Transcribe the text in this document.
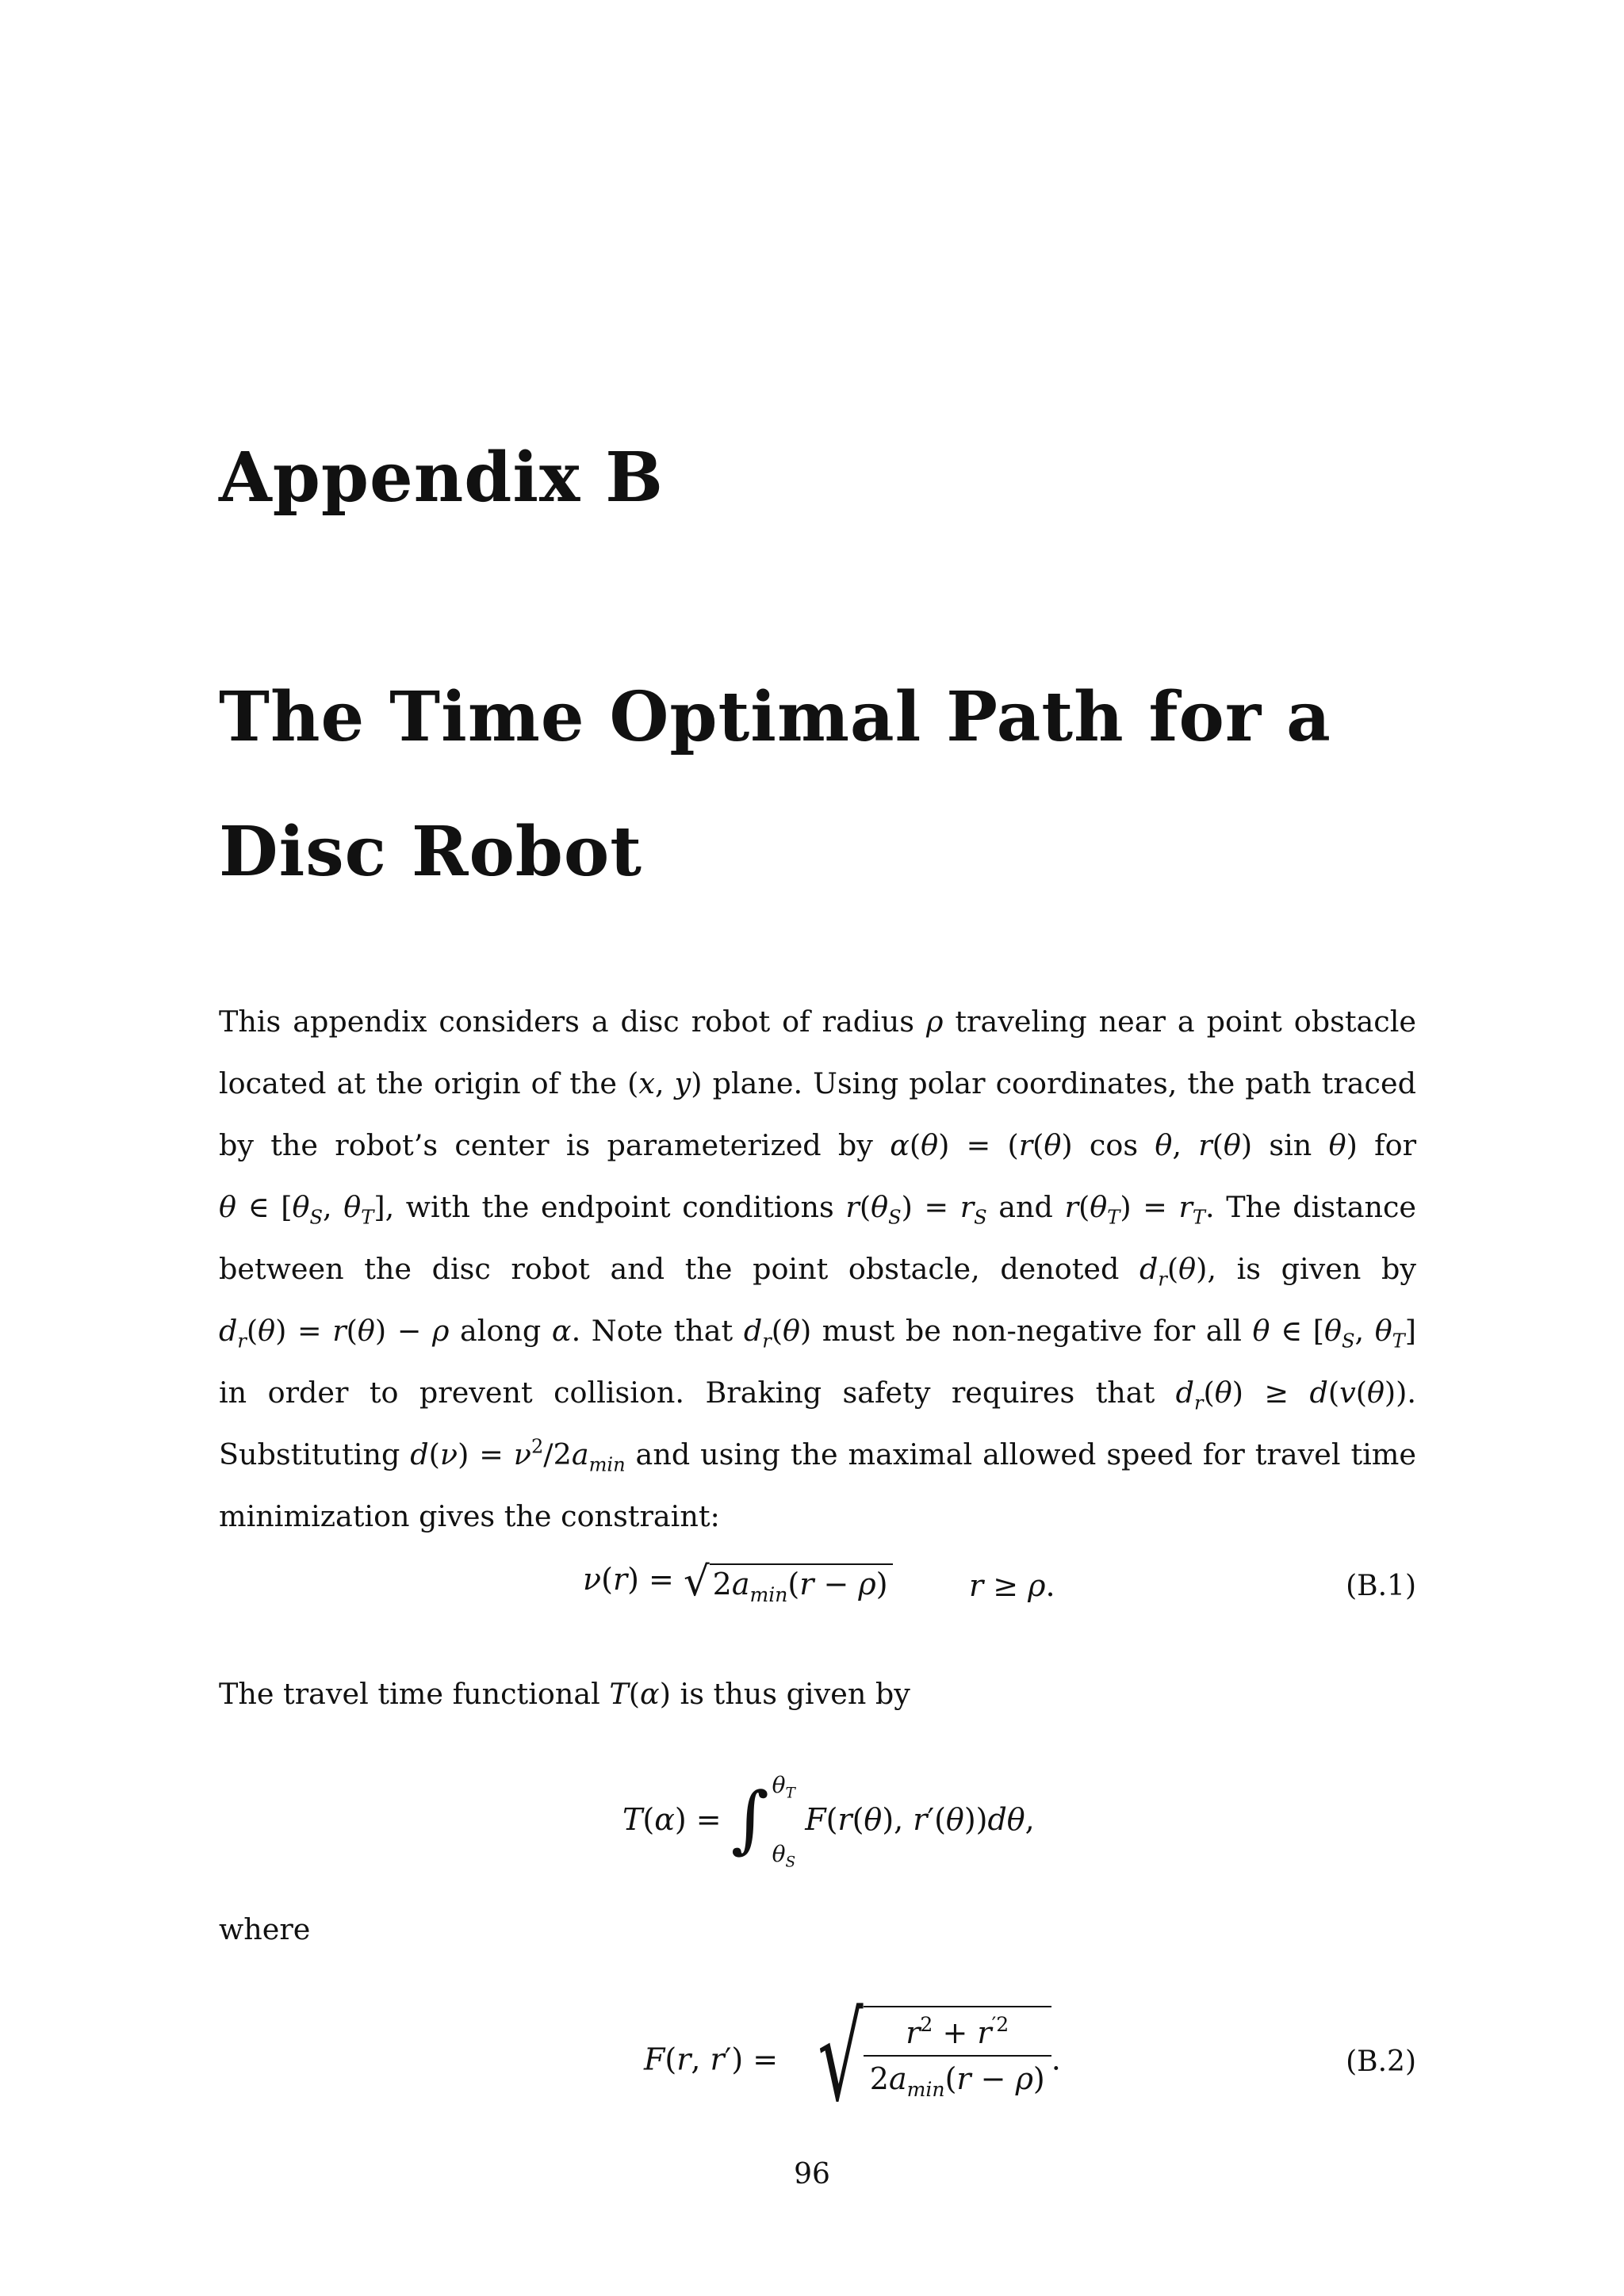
Appendix B
The Time Optimal Path for a Disc Robot

This appendix considers a disc robot of radius ρ traveling near a point obstacle located at the origin of the (x, y) plane. Using polar coordinates, the path traced by the robot’s center is parameterized by α(θ) = (r(θ) cos θ, r(θ) sin θ) for θ ∈ [$\theta_S$, $\theta_T$], with the endpoint conditions $r(\theta_S) = r_S$ and $r(\theta_T) = r_T$. The distance between the disc robot and the point obstacle, denoted $d_r(\theta)$, is given by $d_r(\theta) = r(\theta) - \rho$ along α. Note that $d_r(\theta)$ must be non-negative for all θ ∈ [$\theta_S$, $\theta_T$] in order to prevent collision. Braking safety requires that $d_r(\theta) \ge d(v(\theta))$. Substituting $d(\nu) = \nu^2/2a_{min}$ and using the maximal allowed speed for travel time minimization gives the constraint:

ν(r) = √ $2a_{min}(r - \rho)$	r ≥ ρ.	(B.1)

The travel time functional T(α) is thus given by

T(α) = ∫ $\theta_T$
$\theta_S$
F(r(θ), r′(θ))dθ,

where

F(r, r′) = √ $\frac{r^2 + r^{'2}}{2a_{min}(r - \rho)}$ .	(B.2)
96
